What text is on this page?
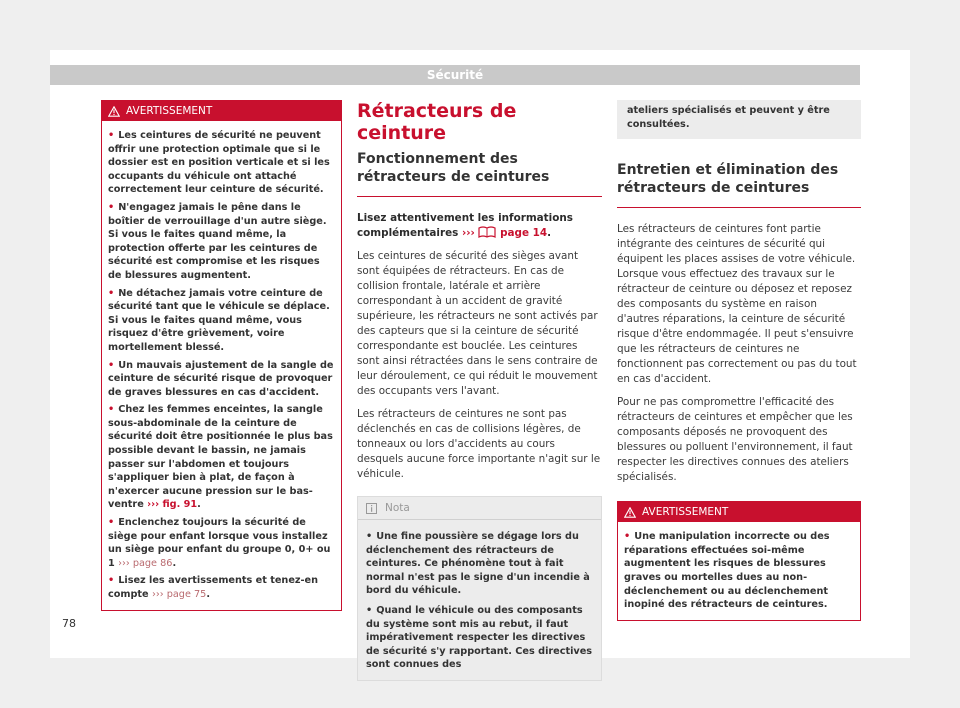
Sécurité
AVERTISSEMENT

• Les ceintures de sécurité ne peuvent offrir une protection optimale que si le dossier est en position verticale et si les occupants du véhicule ont attaché correctement leur ceinture de sécurité.

• N'engagez jamais le pêne dans le boîtier de verrouillage d'un autre siège. Si vous le faites quand même, la protection offerte par les ceintures de sécurité est compromise et les risques de blessures augmentent.

• Ne détachez jamais votre ceinture de sécurité tant que le véhicule se déplace. Si vous le faites quand même, vous risquez d'être grièvement, voire mortellement blessé.

• Un mauvais ajustement de la sangle de ceinture de sécurité risque de provoquer de graves blessures en cas d'accident.

• Chez les femmes enceintes, la sangle sous-abdominale de la ceinture de sécurité doit être positionnée le plus bas possible devant le bassin, ne jamais passer sur l'abdomen et toujours s'appliquer bien à plat, de façon à n'exercer aucune pression sur le bas-ventre ››› fig. 91.

• Enclenchez toujours la sécurité de siège pour enfant lorsque vous installez un siège pour enfant du groupe 0, 0+ ou 1 ››› page 86.

• Lisez les avertissements et tenez-en compte ››› page 75.

Rétracteurs de ceinture
Fonctionnement des rétracteurs de ceintures

Lisez attentivement les informations complémentaires ››› page 14.

Les ceintures de sécurité des sièges avant sont équipées de rétracteurs. En cas de collision frontale, latérale et arrière correspondant à un accident de gravité supérieure, les rétracteurs ne sont activés par des capteurs que si la ceinture de sécurité correspondante est bouclée. Les ceintures sont ainsi rétractées dans le sens contraire de leur déroulement, ce qui réduit le mouvement des occupants vers l'avant.

Les rétracteurs de ceintures ne sont pas déclenchés en cas de collisions légères, de tonneaux ou lors d'accidents au cours desquels aucune force importante n'agit sur le véhicule.

Nota

• Une fine poussière se dégage lors du déclenchement des rétracteurs de ceintures. Ce phénomène tout à fait normal n'est pas le signe d'un incendie à bord du véhicule.

• Quand le véhicule ou des composants du système sont mis au rebut, il faut impérativement respecter les directives de sécurité s'y rapportant. Ces directives sont connues des

ateliers spécialisés et peuvent y être consultées.

Entretien et élimination des rétracteurs de ceintures

Les rétracteurs de ceintures font partie intégrante des ceintures de sécurité qui équipent les places assises de votre véhicule. Lorsque vous effectuez des travaux sur le rétracteur de ceinture ou déposez et reposez des composants du système en raison d'autres réparations, la ceinture de sécurité risque d'être endommagée. Il peut s'ensuivre que les rétracteurs de ceintures ne fonctionnent pas correctement ou pas du tout en cas d'accident.

Pour ne pas compromettre l'efficacité des rétracteurs de ceintures et empêcher que les composants déposés ne provoquent des blessures ou polluent l'environnement, il faut respecter les directives connues des ateliers spécialisés.

AVERTISSEMENT

• Une manipulation incorrecte ou des réparations effectuées soi-même augmentent les risques de blessures graves ou mortelles dues au non-déclenchement ou au déclenchement inopiné des rétracteurs de ceintures.

78
